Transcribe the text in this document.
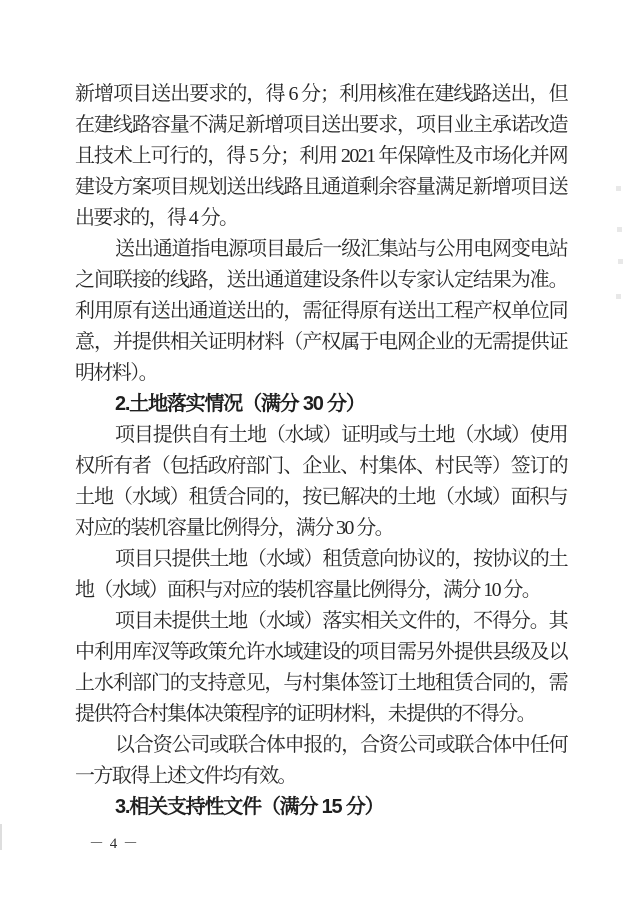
新增项目送出要求的，得 6 分；利用核准在建线路送出，但在建线路容量不满足新增项目送出要求，项目业主承诺改造且技术上可行的，得 5 分；利用 2021 年保障性及市场化并网建设方案项目规划送出线路且通道剩余容量满足新增项目送出要求的，得 4 分。

送出通道指电源项目最后一级汇集站与公用电网变电站之间联接的线路，送出通道建设条件以专家认定结果为准。利用原有送出通道送出的，需征得原有送出工程产权单位同意，并提供相关证明材料（产权属于电网企业的无需提供证明材料）。

2.土地落实情况（满分 30 分）

项目提供自有土地（水域）证明或与土地（水域）使用权所有者（包括政府部门、企业、村集体、村民等）签订的土地（水域）租赁合同的，按已解决的土地（水域）面积与对应的装机容量比例得分，满分 30 分。

项目只提供土地（水域）租赁意向协议的，按协议的土地（水域）面积与对应的装机容量比例得分，满分 10 分。

项目未提供土地（水域）落实相关文件的，不得分。其中利用库汊等政策允许水域建设的项目需另外提供县级及以上水利部门的支持意见，与村集体签订土地租赁合同的，需提供符合村集体决策程序的证明材料，未提供的不得分。

以合资公司或联合体申报的，合资公司或联合体中任何一方取得上述文件均有效。

3.相关支持性文件（满分 15 分）

－ 4 －
